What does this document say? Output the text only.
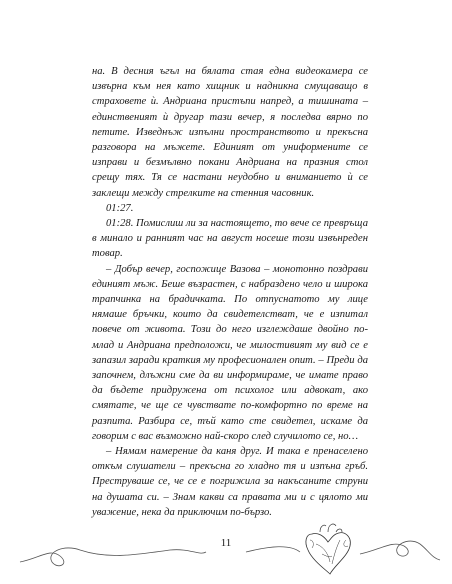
на. В десния ъгъл на бялата стая една видеокамера се извърна към нея като хищник и надникна смущаващо в страховете ѝ. Андриана пристъпи напред, а тишината – единственият ѝ другар тази вечер, я последва вярно по петите. Изведнъж изпълни пространството и прекъсна разговора на мъжете. Единият от униформените се изправи и безмълвно покани Андриана на празния стол срещу тях. Тя се настани неудобно и вниманието ѝ се заклещи между стрелките на стенния часовник.

01:27.

01:28. Помислиш ли за настоящето, то вече се превръща в минало и ранният час на август носеше този извънреден товар.

– Добър вечер, госпожице Вазова – монотонно поздрави единият мъж. Беше възрастен, с набраздено чело и широка трапчинка на брадичката. По отпуснатото му лице нямаше бръчки, които да свидетелстват, че е изпитал повече от живота. Този до него изглеждаше двойно по-млад и Андриана предположи, че милостивият му вид се е запазил заради краткия му професионален опит. – Преди да започнем, длъжни сме да ви информираме, че имате право да бъдете придружена от психолог или адвокат, ако смятате, че ще се чувствате по-комфортно по време на разпита. Разбира се, тъй като сте свидетел, искаме да говорим с вас възможно най-скоро след случилото се, но…

– Нямам намерение да каня друг. И така е пренаселено откъм слушатели – прекъсна го хладно тя и изпъна гръб. Преструваше се, че се е погрижила за накъсаните струни на душата си. – Знам какви са правата ми и с цялото ми уважение, нека да приключим по-бързо.

11
